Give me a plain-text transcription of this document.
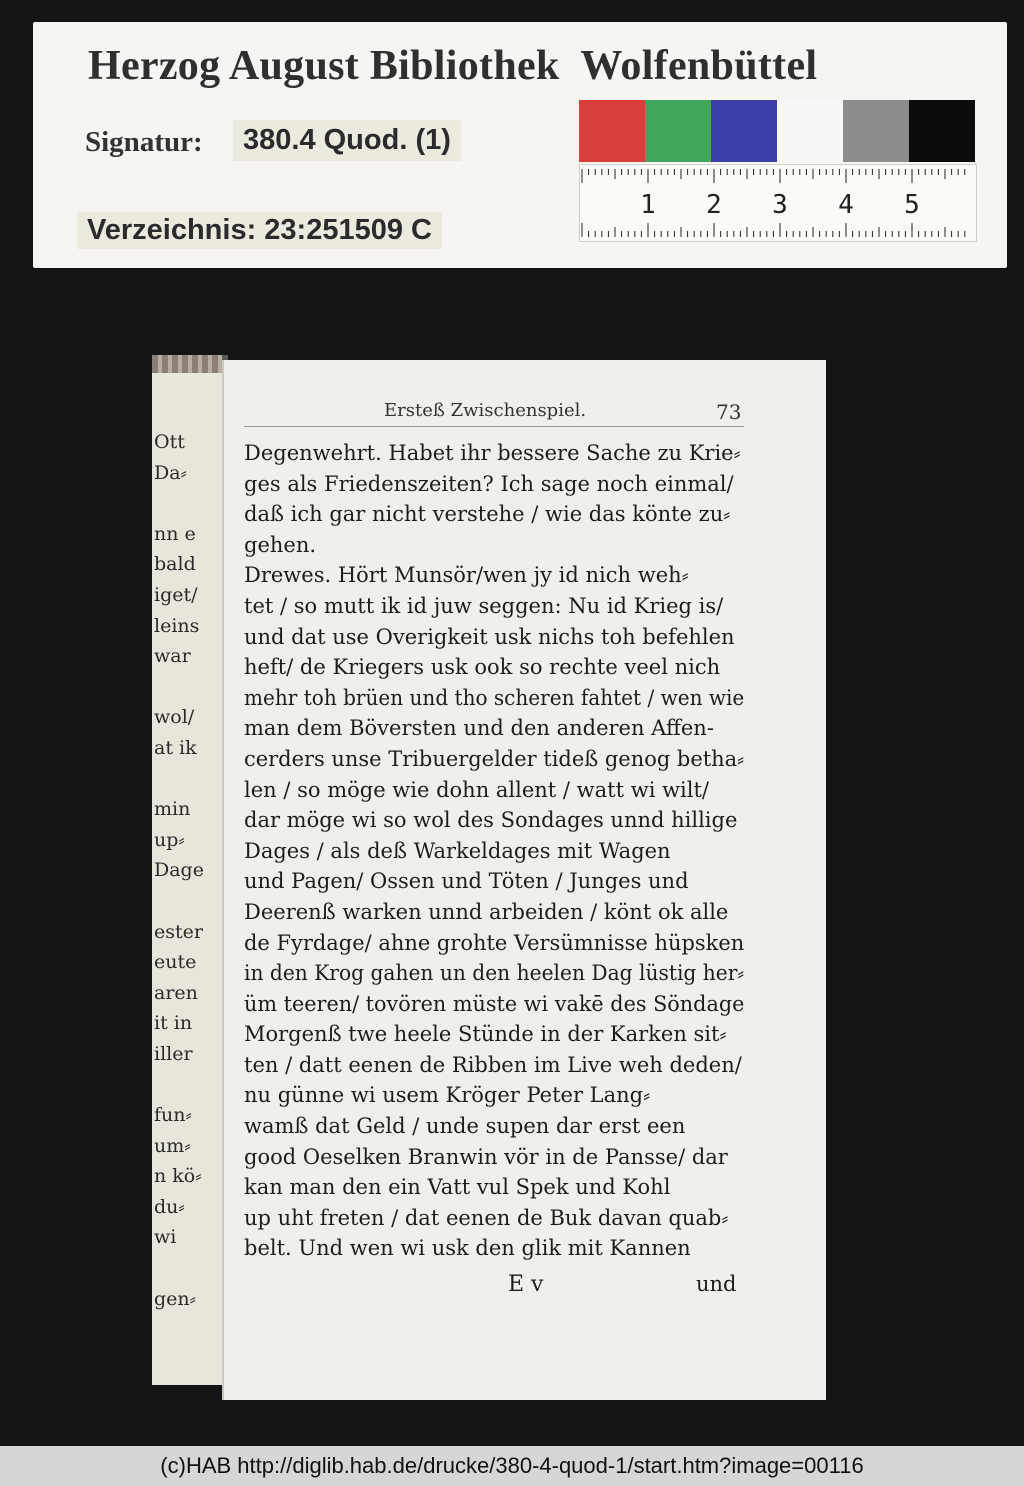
Herzog August Bibliothek  Wolfenbüttel
Signatur:	380.4 Quod. (1)
Verzeichnis: 23:251509 C
1 2 3 4 5
Ott
Da⸗
nn e
bald
iget/
leins
war
wol/
at ik
min
up⸗
Dage
ester
eute
aren
it in
iller
fun⸗
um⸗
n kö⸗
du⸗
wi
gen⸗
Ersteß Zwischenspiel.	73
Degenwehrt. Habet ihr bessere Sache zu Krie⸗
ges als Friedenszeiten? Ich sage noch einmal/
daß ich gar nicht verstehe / wie das könte zu⸗
gehen.
Drewes. Hört Munsör/wen jy id nich weh⸗
tet / so mutt ik id juw seggen: Nu id Krieg is/
und dat use Overigkeit usk nichs toh befehlen
heft/ de Kriegers usk ook so rechte veel nich
mehr toh brüen und tho scheren fahtet / wen wie
man dem Böversten und den anderen Affen-
cerders unse Tribuergelder tideß genog betha⸗
len / so möge wie dohn allent / watt wi wilt/
dar möge wi so wol des Sondages unnd hillige
Dages / als deß Warkeldages mit Wagen
und Pagen/ Ossen und Töten / Junges und
Deerenß warken unnd arbeiden / könt ok alle
de Fyrdage/ ahne grohte Versümnisse hüpsken
in den Krog gahen un den heelen Dag lüstig her⸗
üm teeren/ tovören müste wi vakē des Söndage
Morgenß twe heele Stünde in der Karken sit⸗
ten / datt eenen de Ribben im Live weh deden/
nu günne wi usem Kröger Peter Lang⸗
wamß dat Geld / unde supen dar erst een
good Oeselken Branwin vör in de Pansse/ dar
kan man den ein Vatt vul Spek und Kohl
up uht freten / dat eenen de Buk davan quab⸗
belt. Und wen wi usk den glik mit Kannen
E v	und
(c)HAB http://diglib.hab.de/drucke/380-4-quod-1/start.htm?image=00116
